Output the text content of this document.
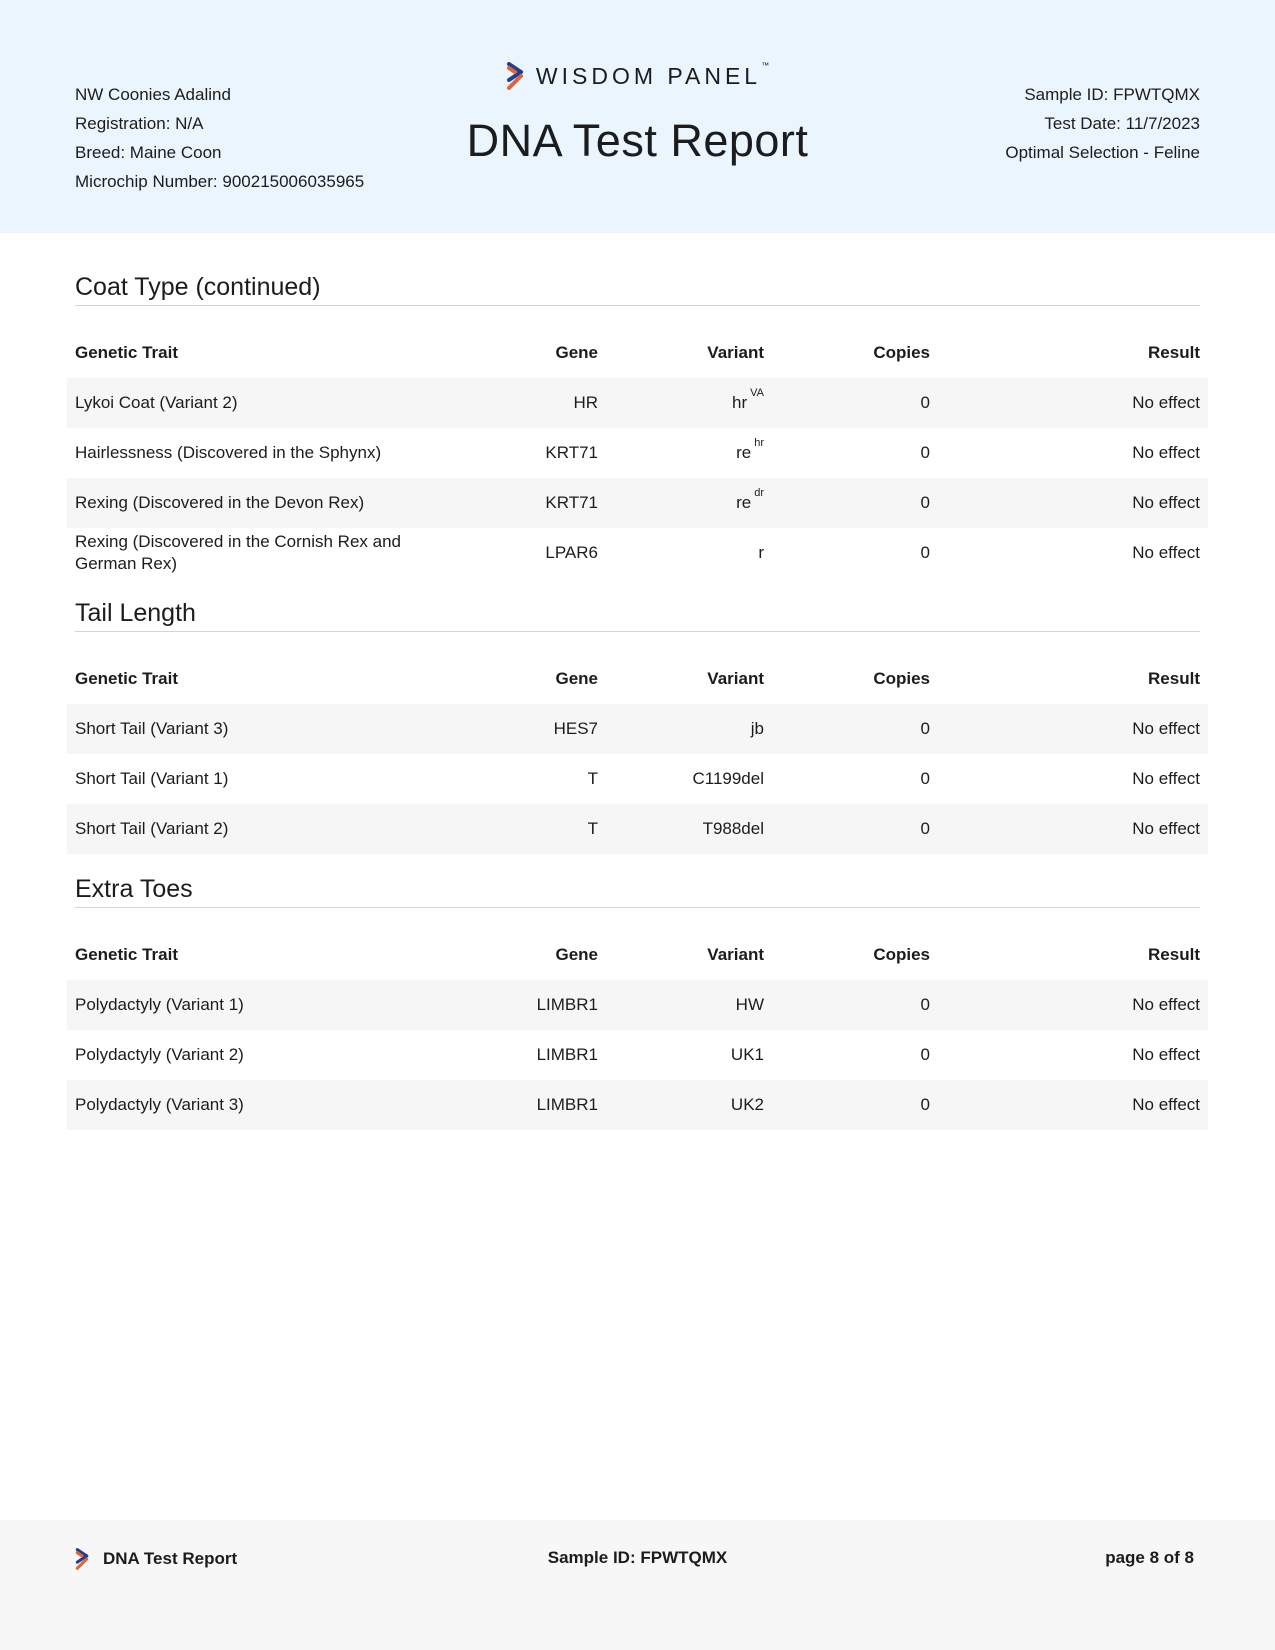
NW Coonies Adalind
Registration: N/A
Breed: Maine Coon
Microchip Number: 900215006035965
WISDOM PANEL™
DNA Test Report
Sample ID: FPWTQMX
Test Date: 11/7/2023
Optimal Selection - Feline
Coat Type (continued)
Genetic Trait	Gene	Variant	Copies	Result
Lykoi Coat (Variant 2)	HR	hr $^{VA}$	0	No effect
Hairlessness (Discovered in the Sphynx)	KRT71	re $^{hr}$	0	No effect
Rexing (Discovered in the Devon Rex)	KRT71	re $^{dr}$	0	No effect
Rexing (Discovered in the Cornish Rex and German Rex)	LPAR6	r	0	No effect
Tail Length
Genetic Trait	Gene	Variant	Copies	Result
Short Tail (Variant 3)	HES7	jb	0	No effect
Short Tail (Variant 1)	T	C1199del	0	No effect
Short Tail (Variant 2)	T	T988del	0	No effect
Extra Toes
Genetic Trait	Gene	Variant	Copies	Result
Polydactyly (Variant 1)	LIMBR1	HW	0	No effect
Polydactyly (Variant 2)	LIMBR1	UK1	0	No effect
Polydactyly (Variant 3)	LIMBR1	UK2	0	No effect
DNA Test Report	Sample ID: FPWTQMX	page 8 of 8
